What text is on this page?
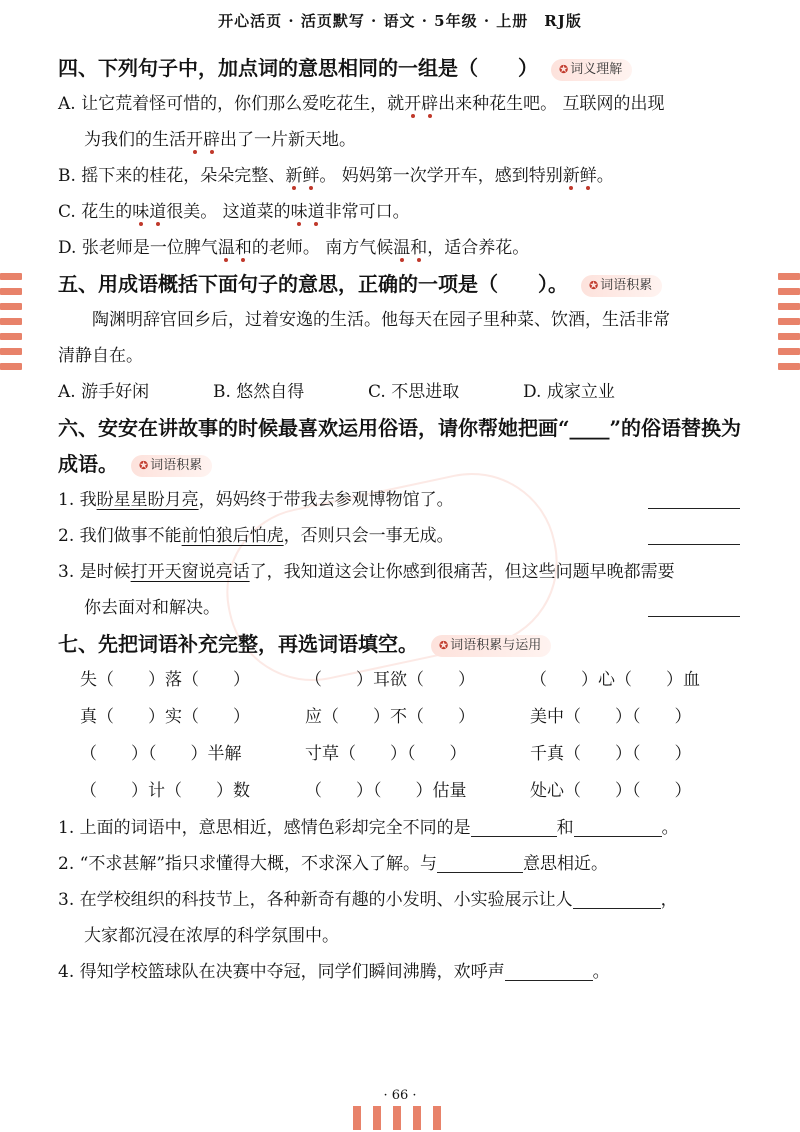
开心活页 · 活页默写 · 语文 · 5年级 · 上册　RJ版
四、下列句子中，加点词的意思相同的一组是（　　） ✪ 词义理解
A. 让它荒着怪可惜的，你们那么爱吃花生，就开辟出来种花生吧。 互联网的出现
为我们的生活开辟出了一片新天地。
B. 摇下来的桂花，朵朵完整、新鲜。 妈妈第一次学开车，感到特别新鲜。
C. 花生的味道很美。 这道菜的味道非常可口。
D. 张老师是一位脾气温和的老师。 南方气候温和，适合养花。
五、用成语概括下面句子的意思，正确的一项是（　　）。 ✪ 词语积累
陶渊明辞官回乡后，过着安逸的生活。他每天在园子里种菜、饮酒，生活非常
清静自在。
A. 游手好闲	B. 悠然自得	C. 不思进取	D. 成家立业
六、安安在讲故事的时候最喜欢运用俗语，请你帮她把画“____”的俗语替换为
成语。 ✪ 词语积累
1. 我盼星星盼月亮，妈妈终于带我去参观博物馆了。
2. 我们做事不能前怕狼后怕虎，否则只会一事无成。
3. 是时候打开天窗说亮话了，我知道这会让你感到很痛苦，但这些问题早晚都需要
你去面对和解决。
七、先把词语补充完整，再选词语填空。 ✪ 词语积累与运用
失（　　）落（　　）	（　　）耳欲（　　）	（　　）心（　　）血
真（　　）实（　　）	应（　　）不（　　）	美中（　　）（　　）
（　　）（　　）半解	寸草（　　）（　　）	千真（　　）（　　）
（　　）计（　　）数	（　　）（　　）估量	处心（　　）（　　）
1. 上面的词语中，意思相近，感情色彩却完全不同的是	和	。
2. “不求甚解”指只求懂得大概，不求深入了解。与	意思相近。
3. 在学校组织的科技节上，各种新奇有趣的小发明、小实验展示让人	，
大家都沉浸在浓厚的科学氛围中。
4. 得知学校篮球队在决赛中夺冠，同学们瞬间沸腾，欢呼声	。
· 66 ·
